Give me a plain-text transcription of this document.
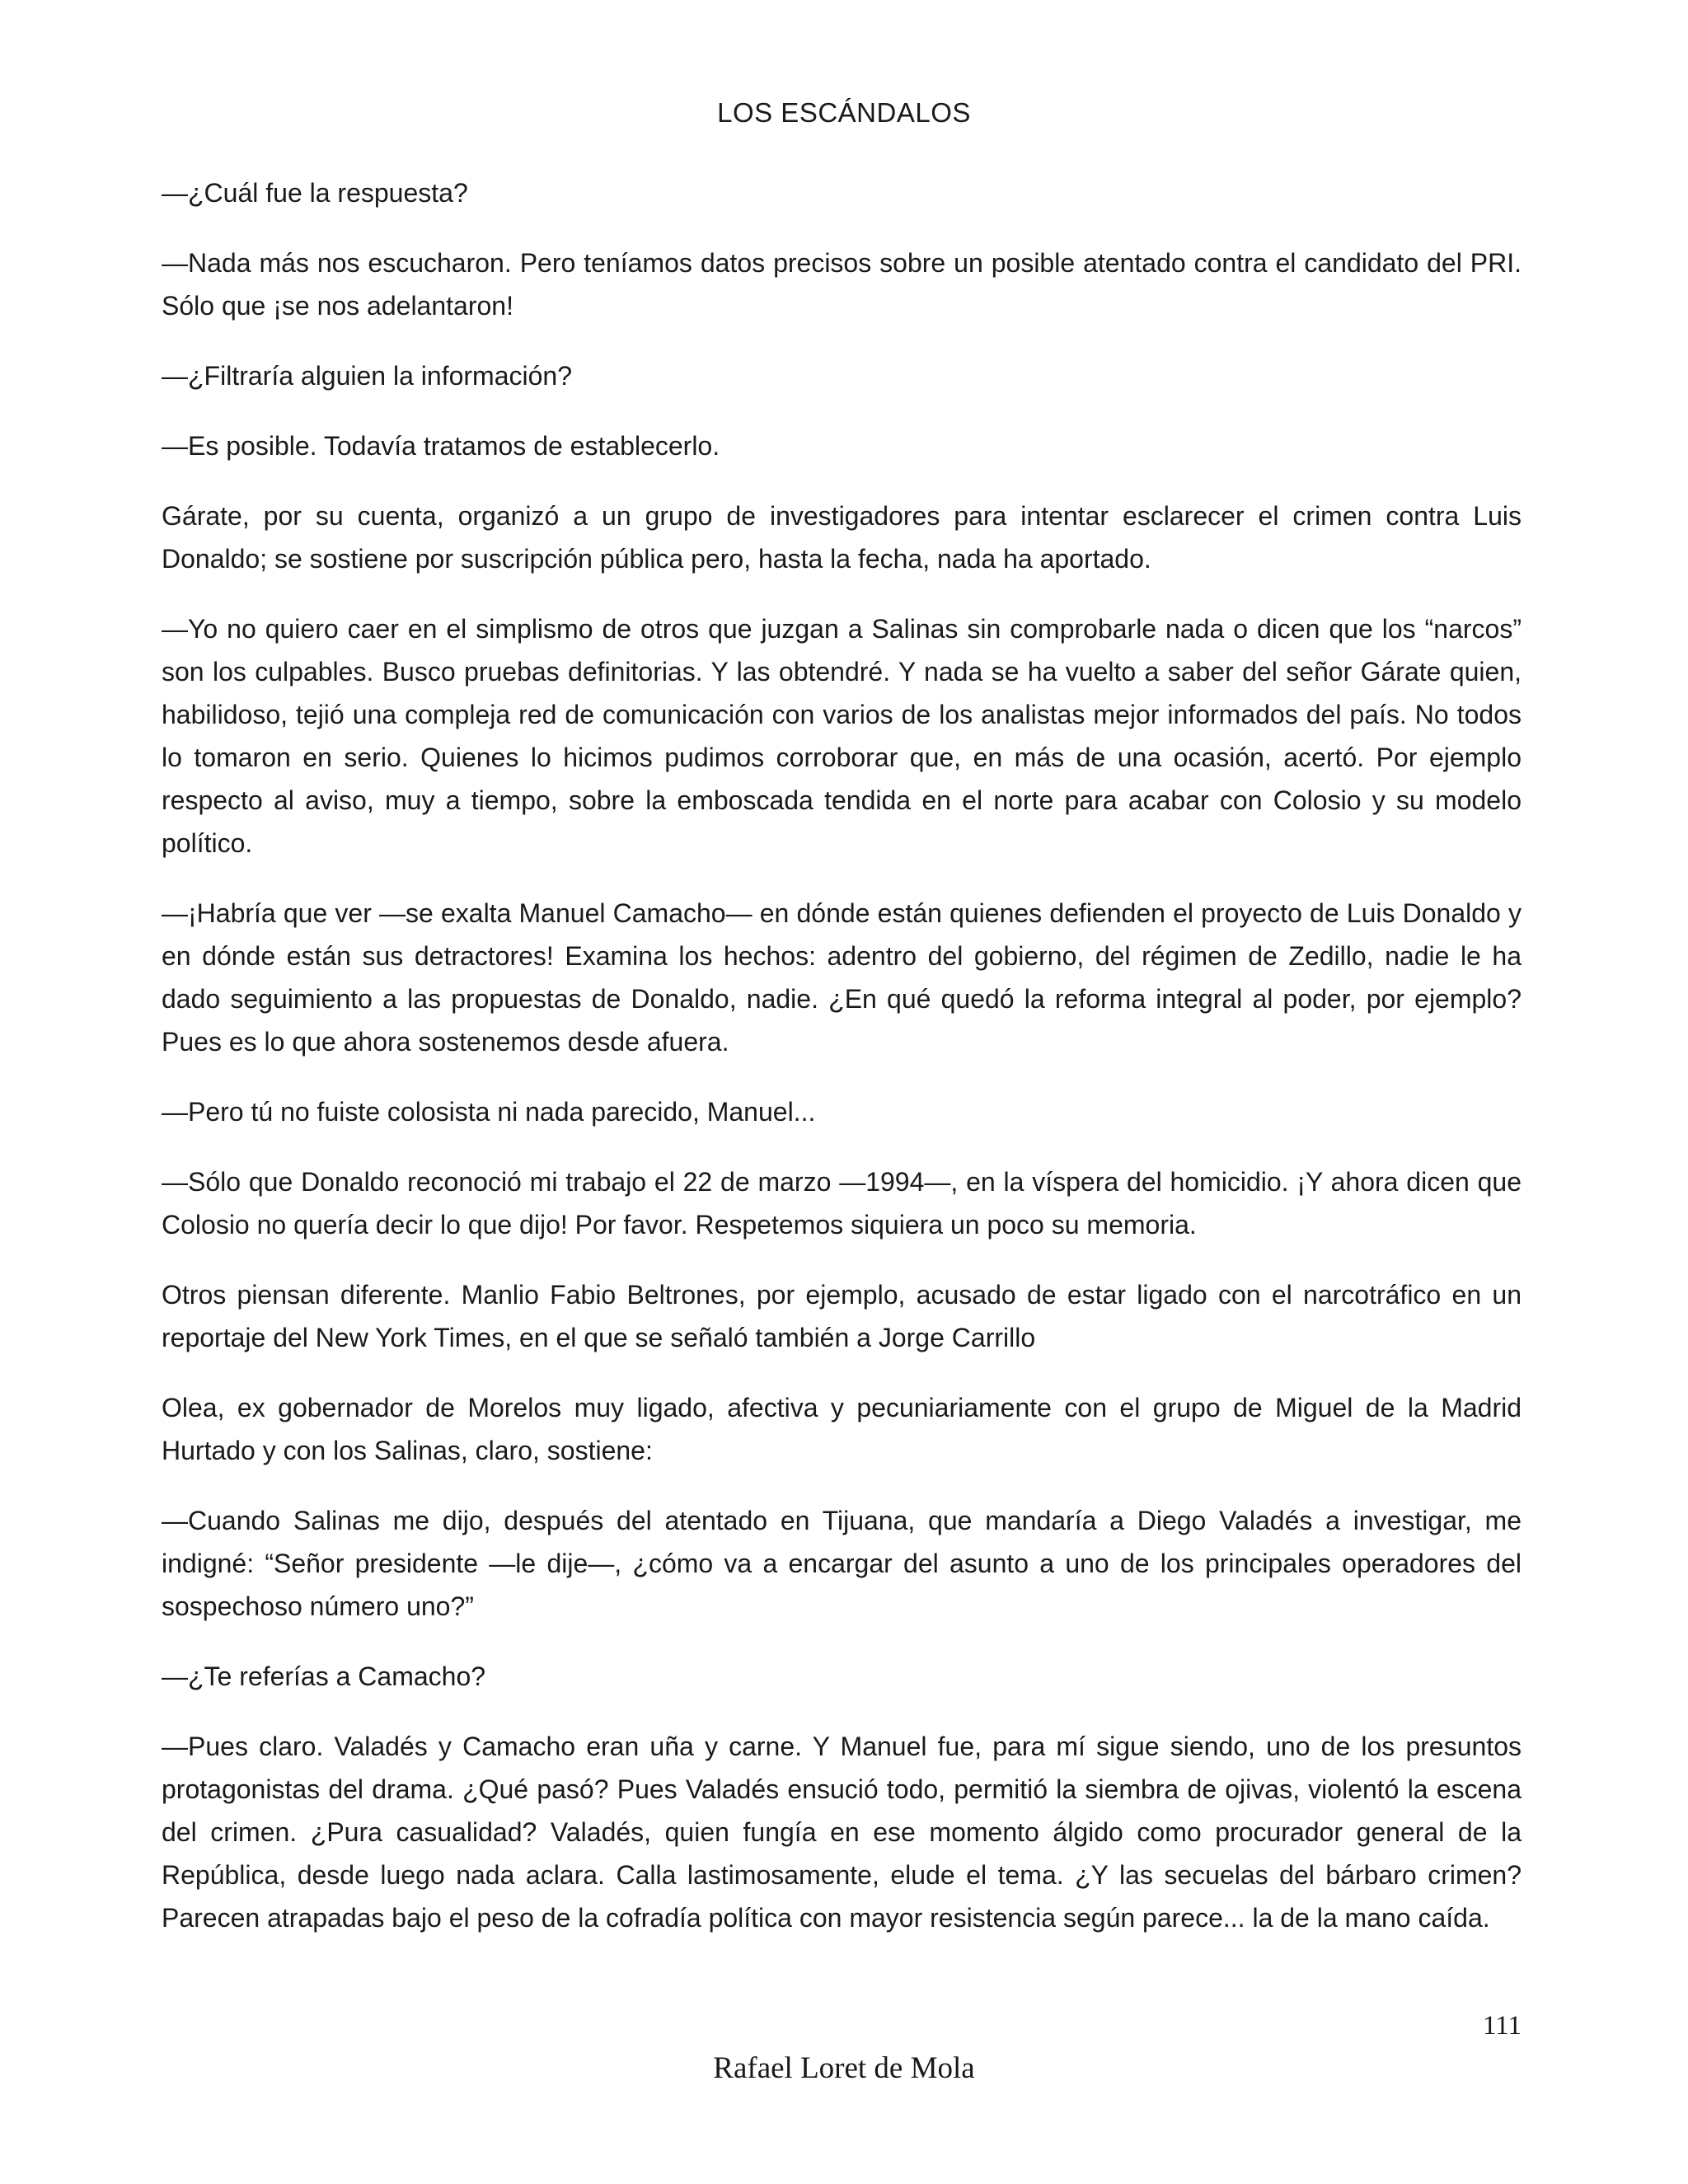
LOS ESCÁNDALOS

—¿Cuál fue la respuesta?

—Nada más nos escucharon. Pero teníamos datos precisos sobre un posible atentado contra el candidato del PRI. Sólo que ¡se nos adelantaron!

—¿Filtraría alguien la información?

—Es posible. Todavía tratamos de establecerlo.

Gárate, por su cuenta, organizó a un grupo de investigadores para intentar esclarecer el crimen contra Luis Donaldo; se sostiene por suscripción pública pero, hasta la fecha, nada ha aportado.

—Yo no quiero caer en el simplismo de otros que juzgan a Salinas sin comprobarle nada o dicen que los “narcos” son los culpables. Busco pruebas definitorias. Y las obtendré. Y nada se ha vuelto a saber del señor Gárate quien, habilidoso, tejió una compleja red de comunicación con varios de los analistas mejor informados del país. No todos lo tomaron en serio. Quienes lo hicimos pudimos corroborar que, en más de una ocasión, acertó. Por ejemplo respecto al aviso, muy a tiempo, sobre la emboscada tendida en el norte para acabar con Colosio y su modelo político.

—¡Habría que ver —se exalta Manuel Camacho— en dónde están quienes defienden el proyecto de Luis Donaldo y en dónde están sus detractores! Examina los hechos: adentro del gobierno, del régimen de Zedillo, nadie le ha dado seguimiento a las propuestas de Donaldo, nadie. ¿En qué quedó la reforma integral al poder, por ejemplo? Pues es lo que ahora sostenemos desde afuera.

—Pero tú no fuiste colosista ni nada parecido, Manuel...

—Sólo que Donaldo reconoció mi trabajo el 22 de marzo —1994—, en la víspera del homicidio. ¡Y ahora dicen que Colosio no quería decir lo que dijo! Por favor. Respetemos siquiera un poco su memoria.

Otros piensan diferente. Manlio Fabio Beltrones, por ejemplo, acusado de estar ligado con el narcotráfico en un reportaje del New York Times, en el que se señaló también a Jorge Carrillo

Olea, ex gobernador de Morelos muy ligado, afectiva y pecuniariamente con el grupo de Miguel de la Madrid Hurtado y con los Salinas, claro, sostiene:

—Cuando Salinas me dijo, después del atentado en Tijuana, que mandaría a Diego Valadés a investigar, me indigné: “Señor presidente —le dije—, ¿cómo va a encargar del asunto a uno de los principales operadores del sospechoso número uno?”

—¿Te referías a Camacho?

—Pues claro. Valadés y Camacho eran uña y carne. Y Manuel fue, para mí sigue siendo, uno de los presuntos protagonistas del drama. ¿Qué pasó? Pues Valadés ensució todo, permitió la siembra de ojivas, violentó la escena del crimen. ¿Pura casualidad? Valadés, quien fungía en ese momento álgido como procurador general de la República, desde luego nada aclara. Calla lastimosamente, elude el tema. ¿Y las secuelas del bárbaro crimen? Parecen atrapadas bajo el peso de la cofradía política con mayor resistencia según parece... la de la mano caída.

111
Rafael Loret de Mola
